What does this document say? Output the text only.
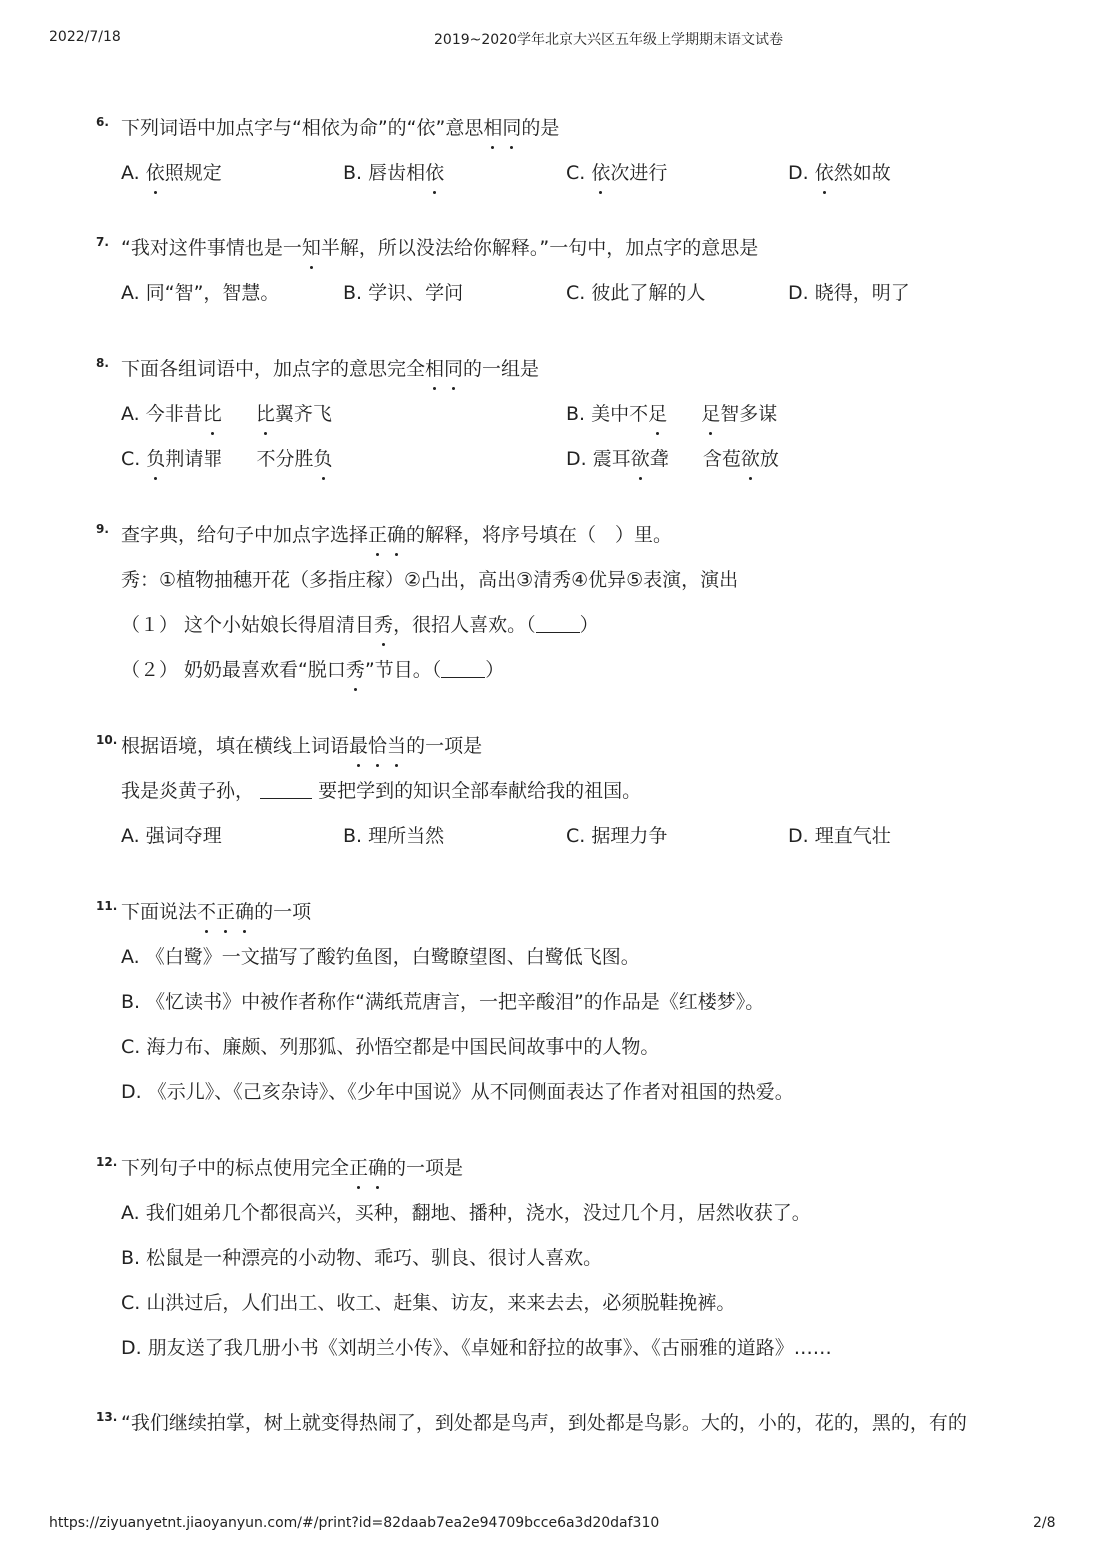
2022/7/18	2019~2020学年北京大兴区五年级上学期期末语文试卷
6. 下列词语中加点字与“相依为命”的“依”意思相同的是
A. 依照规定	B. 唇齿相依	C. 依次进行	D. 依然如故
7. “我对这件事情也是一知半解，所以没法给你解释。”一句中，加点字的意思是
A. 同“智”，智慧。	B. 学识、学问	C. 彼此了解的人	D. 晓得，明了
8. 下面各组词语中，加点字的意思完全相同的一组是
A. 今非昔比 比翼齐飞	B. 美中不足 足智多谋
C. 负荆请罪 不分胜负	D. 震耳欲聋 含苞欲放
9. 查字典，给句子中加点字选择正确的解释，将序号填在（　）里。
秀：①植物抽穗开花（多指庄稼）②凸出，高出③清秀④优异⑤表演，演出
（１） 这个小姑娘长得眉清目秀，很招人喜欢。（ ）
（２） 奶奶最喜欢看“脱口秀”节目。（ ）
10. 根据语境，填在横线上词语最恰当的一项是
我是炎黄子孙，	要把学到的知识全部奉献给我的祖国。
A. 强词夺理	B. 理所当然	C. 据理力争	D. 理直气壮
11. 下面说法不正确的一项
A. 《白鹭》一文描写了酸钓鱼图，白鹭瞭望图、白鹭低飞图。
B. 《忆读书》中被作者称作“满纸荒唐言，一把辛酸泪”的作品是《红楼梦》。
C. 海力布、廉颇、列那狐、孙悟空都是中国民间故事中的人物。
D. 《示儿》、《己亥杂诗》、《少年中国说》从不同侧面表达了作者对祖国的热爱。
12. 下列句子中的标点使用完全正确的一项是
A. 我们姐弟几个都很高兴，买种，翻地、播种，浇水，没过几个月，居然收获了。
B. 松鼠是一种漂亮的小动物、乖巧、驯良、很讨人喜欢。
C. 山洪过后，人们出工、收工、赶集、访友，来来去去，必须脱鞋挽裤。
D. 朋友送了我几册小书《刘胡兰小传》、《卓娅和舒拉的故事》、《古丽雅的道路》……
13. “我们继续拍掌，树上就变得热闹了，到处都是鸟声，到处都是鸟影。大的，小的，花的，黑的，有的
https://ziyuanyetnt.jiaoyanyun.com/#/print?id=82daab7ea2e94709bcce6a3d20daf310	2/8
